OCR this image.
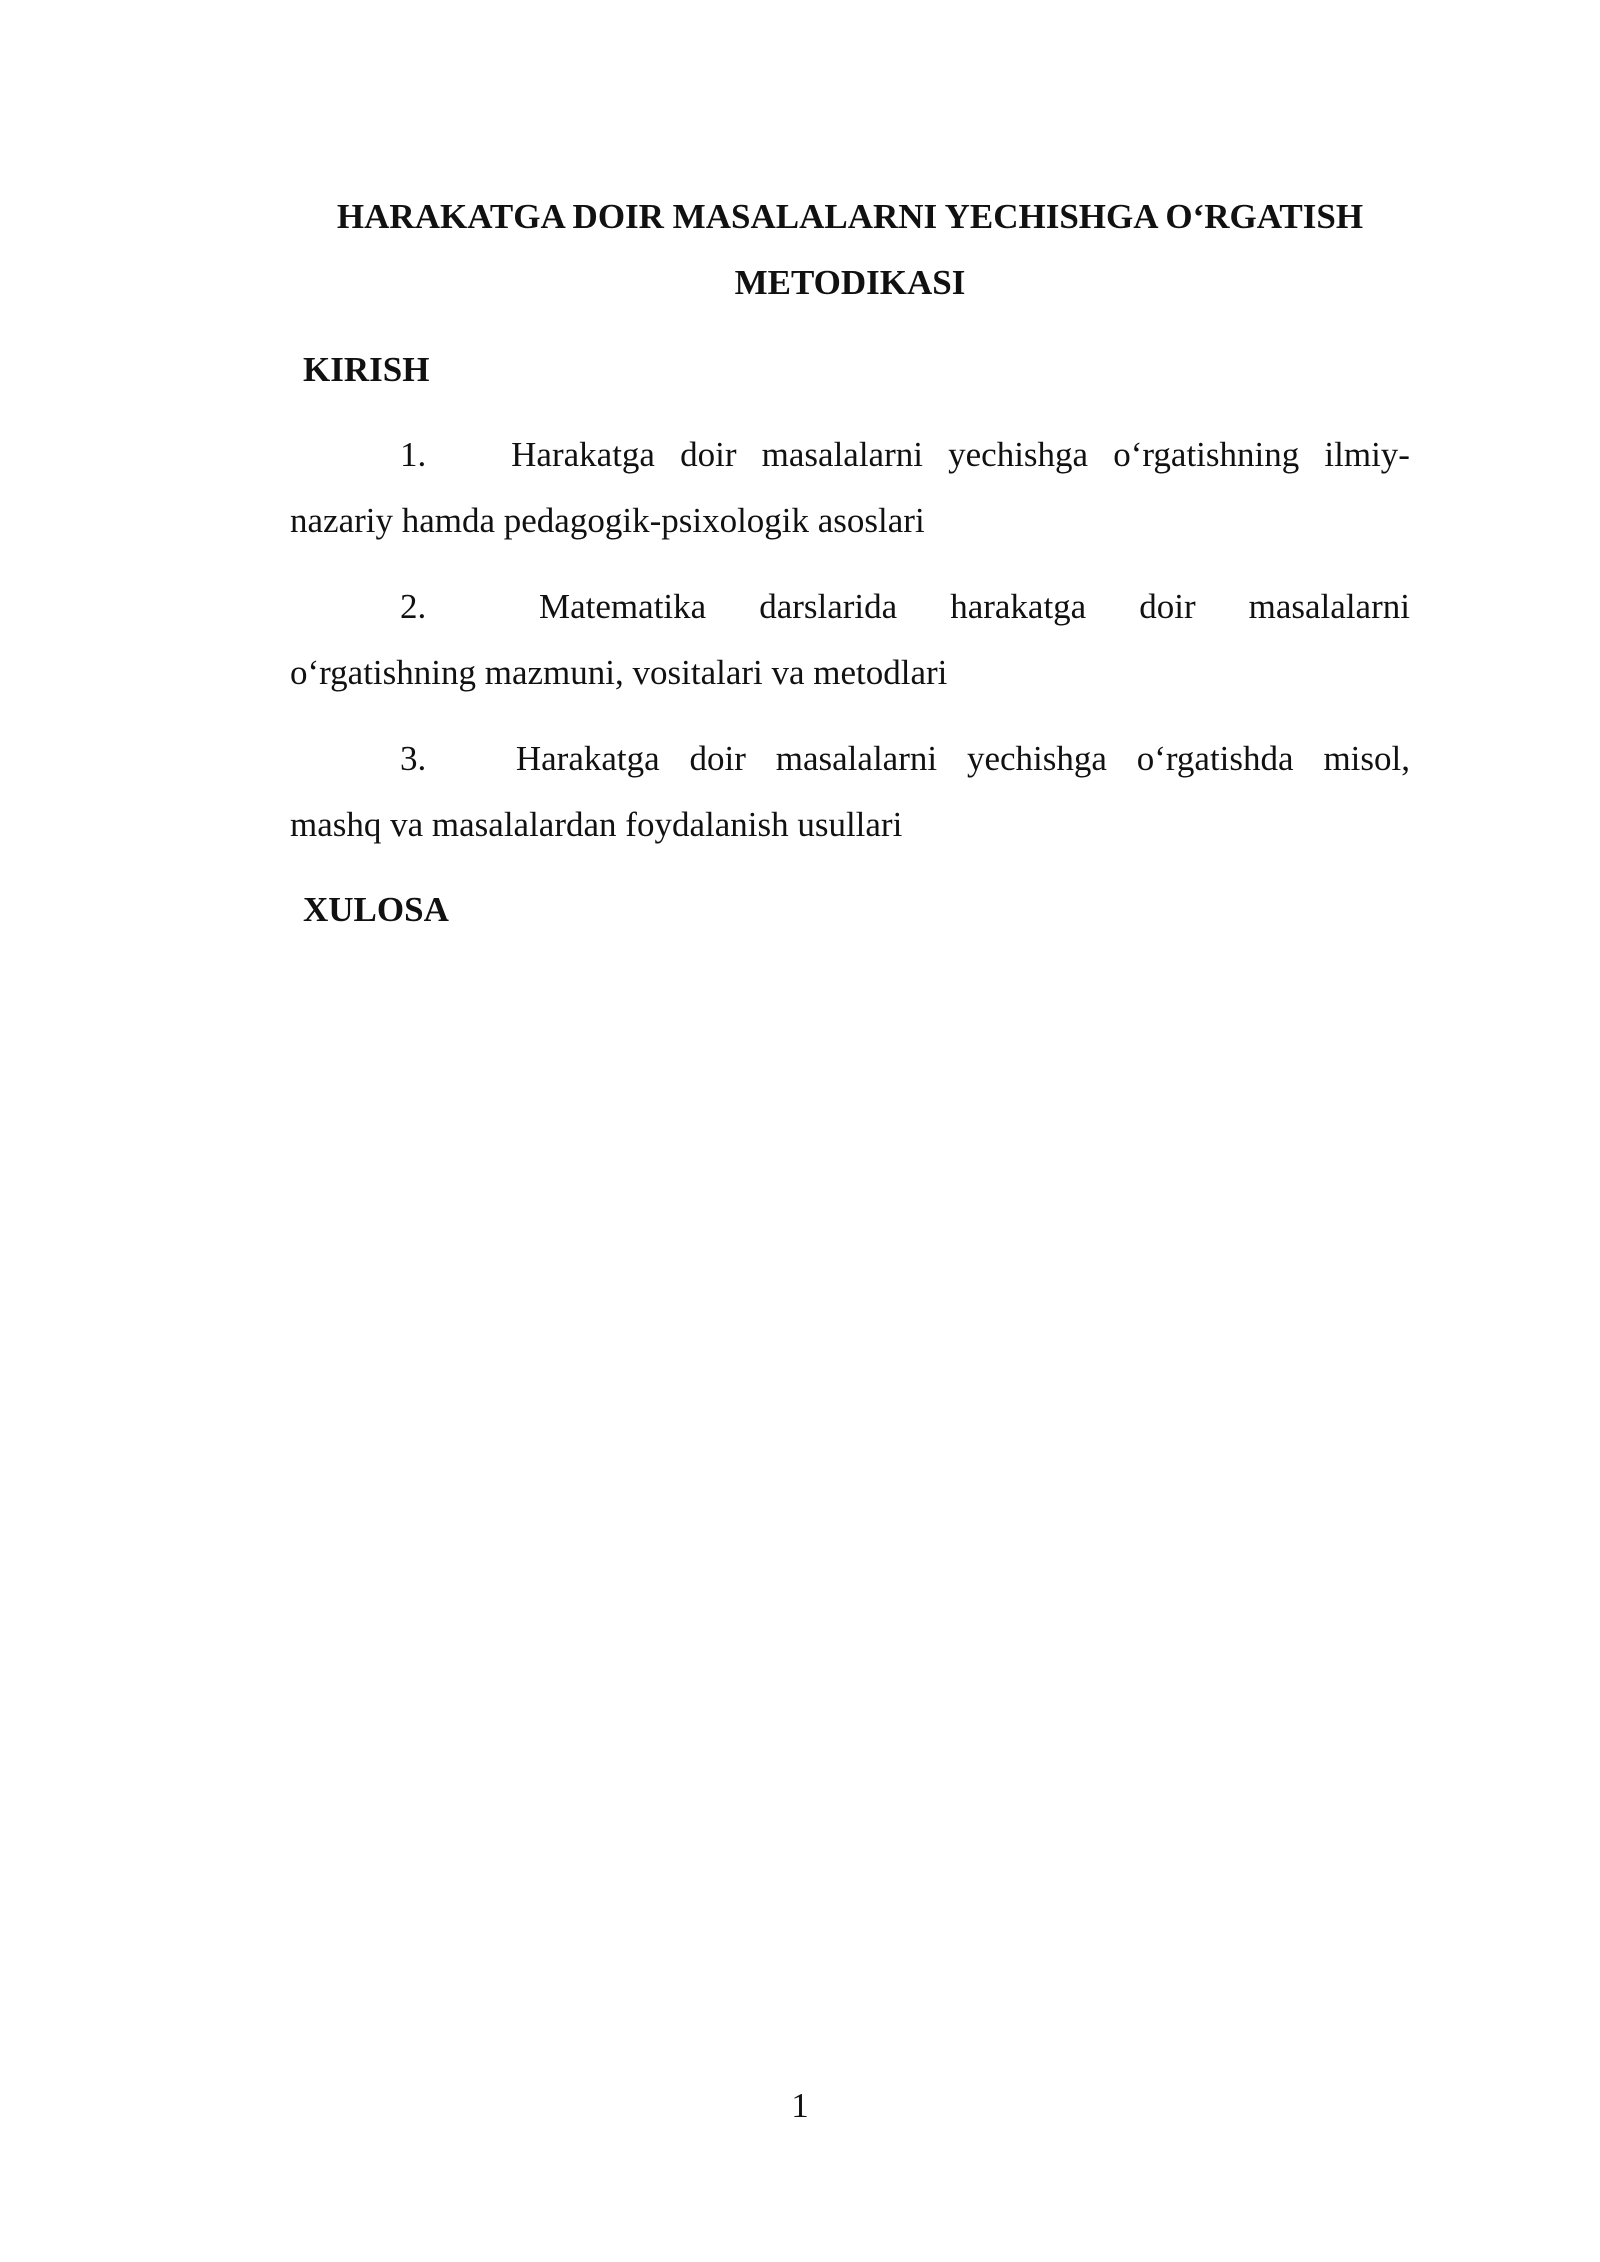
HARAKATGA DOIR MASALALARNI YECHISHGA O‘RGATISH
METODIKASI
KIRISH
1.	Harakatga doir masalalarni yechishga o‘rgatishning ilmiy-
nazariy hamda pedagogik-psixologik asoslari
2.	Matematika darslarida harakatga doir masalalarni
o‘rgatishning mazmuni, vositalari va metodlari
3.	Harakatga doir masalalarni yechishga o‘rgatishda misol,
mashq va masalalardan foydalanish usullari
XULOSA

1
